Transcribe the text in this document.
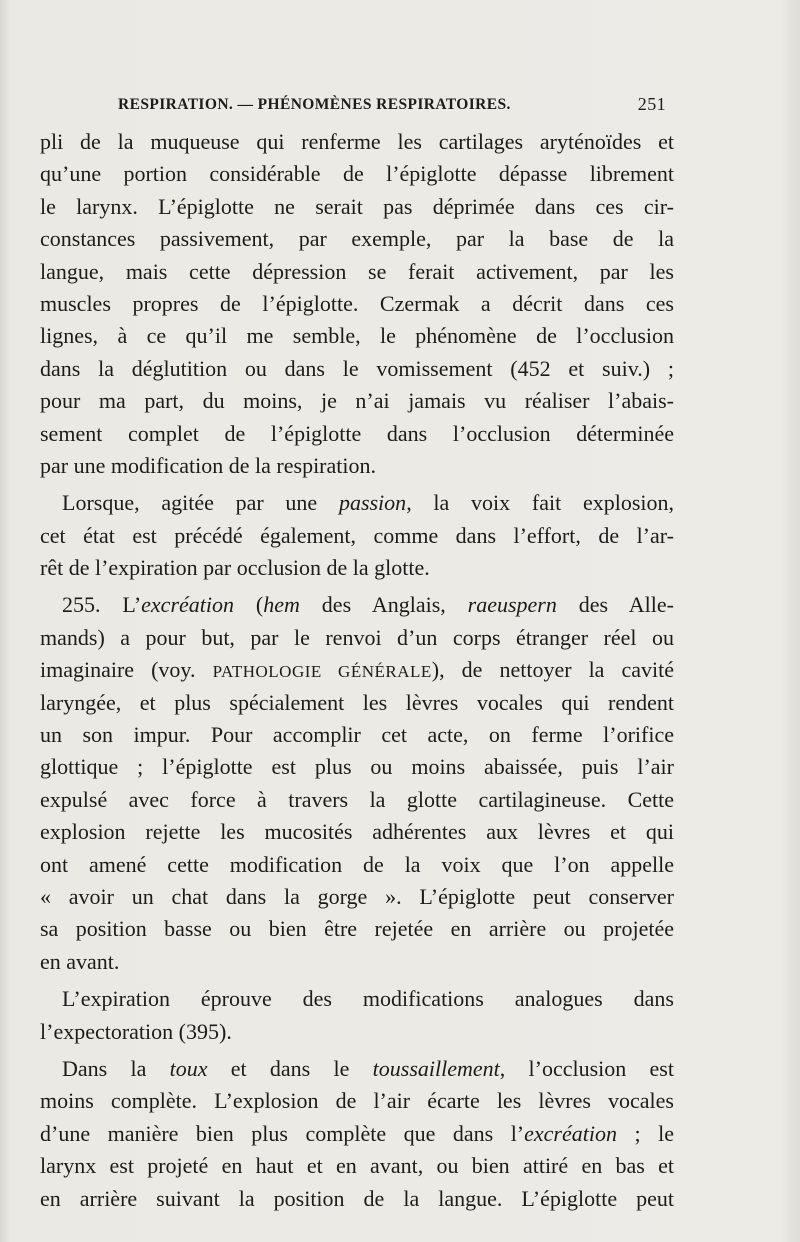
RESPIRATION. — PHÉNOMÈNES RESPIRATOIRES.	251
pli de la muqueuse qui renferme les cartilages aryténoïdes et
qu’une portion considérable de l’épiglotte dépasse librement
le larynx. L’épiglotte ne serait pas déprimée dans ces cir-
constances passivement, par exemple, par la base de la
langue, mais cette dépression se ferait activement, par les
muscles propres de l’épiglotte. Czermak a décrit dans ces
lignes, à ce qu’il me semble, le phénomène de l’occlusion
dans la déglutition ou dans le vomissement (452 et suiv.) ;
pour ma part, du moins, je n’ai jamais vu réaliser l’abais-
sement complet de l’épiglotte dans l’occlusion déterminée
par une modification de la respiration.
Lorsque, agitée par une passion, la voix fait explosion,
cet état est précédé également, comme dans l’effort, de l’ar-
rêt de l’expiration par occlusion de la glotte.
255. L’excréation (hem des Anglais, raeuspern des Alle-
mands) a pour but, par le renvoi d’un corps étranger réel ou
imaginaire (voy. PATHOLOGIE GÉNÉRALE), de nettoyer la cavité
laryngée, et plus spécialement les lèvres vocales qui rendent
un son impur. Pour accomplir cet acte, on ferme l’orifice
glottique ; l’épiglotte est plus ou moins abaissée, puis l’air
expulsé avec force à travers la glotte cartilagineuse. Cette
explosion rejette les mucosités adhérentes aux lèvres et qui
ont amené cette modification de la voix que l’on appelle
« avoir un chat dans la gorge ». L’épiglotte peut conserver
sa position basse ou bien être rejetée en arrière ou projetée
en avant.
L’expiration éprouve des modifications analogues dans
l’expectoration (395).
Dans la toux et dans le toussaillement, l’occlusion est
moins complète. L’explosion de l’air écarte les lèvres vocales
d’une manière bien plus complète que dans l’excréation ; le
larynx est projeté en haut et en avant, ou bien attiré en bas et
en arrière suivant la position de la langue. L’épiglotte peut
